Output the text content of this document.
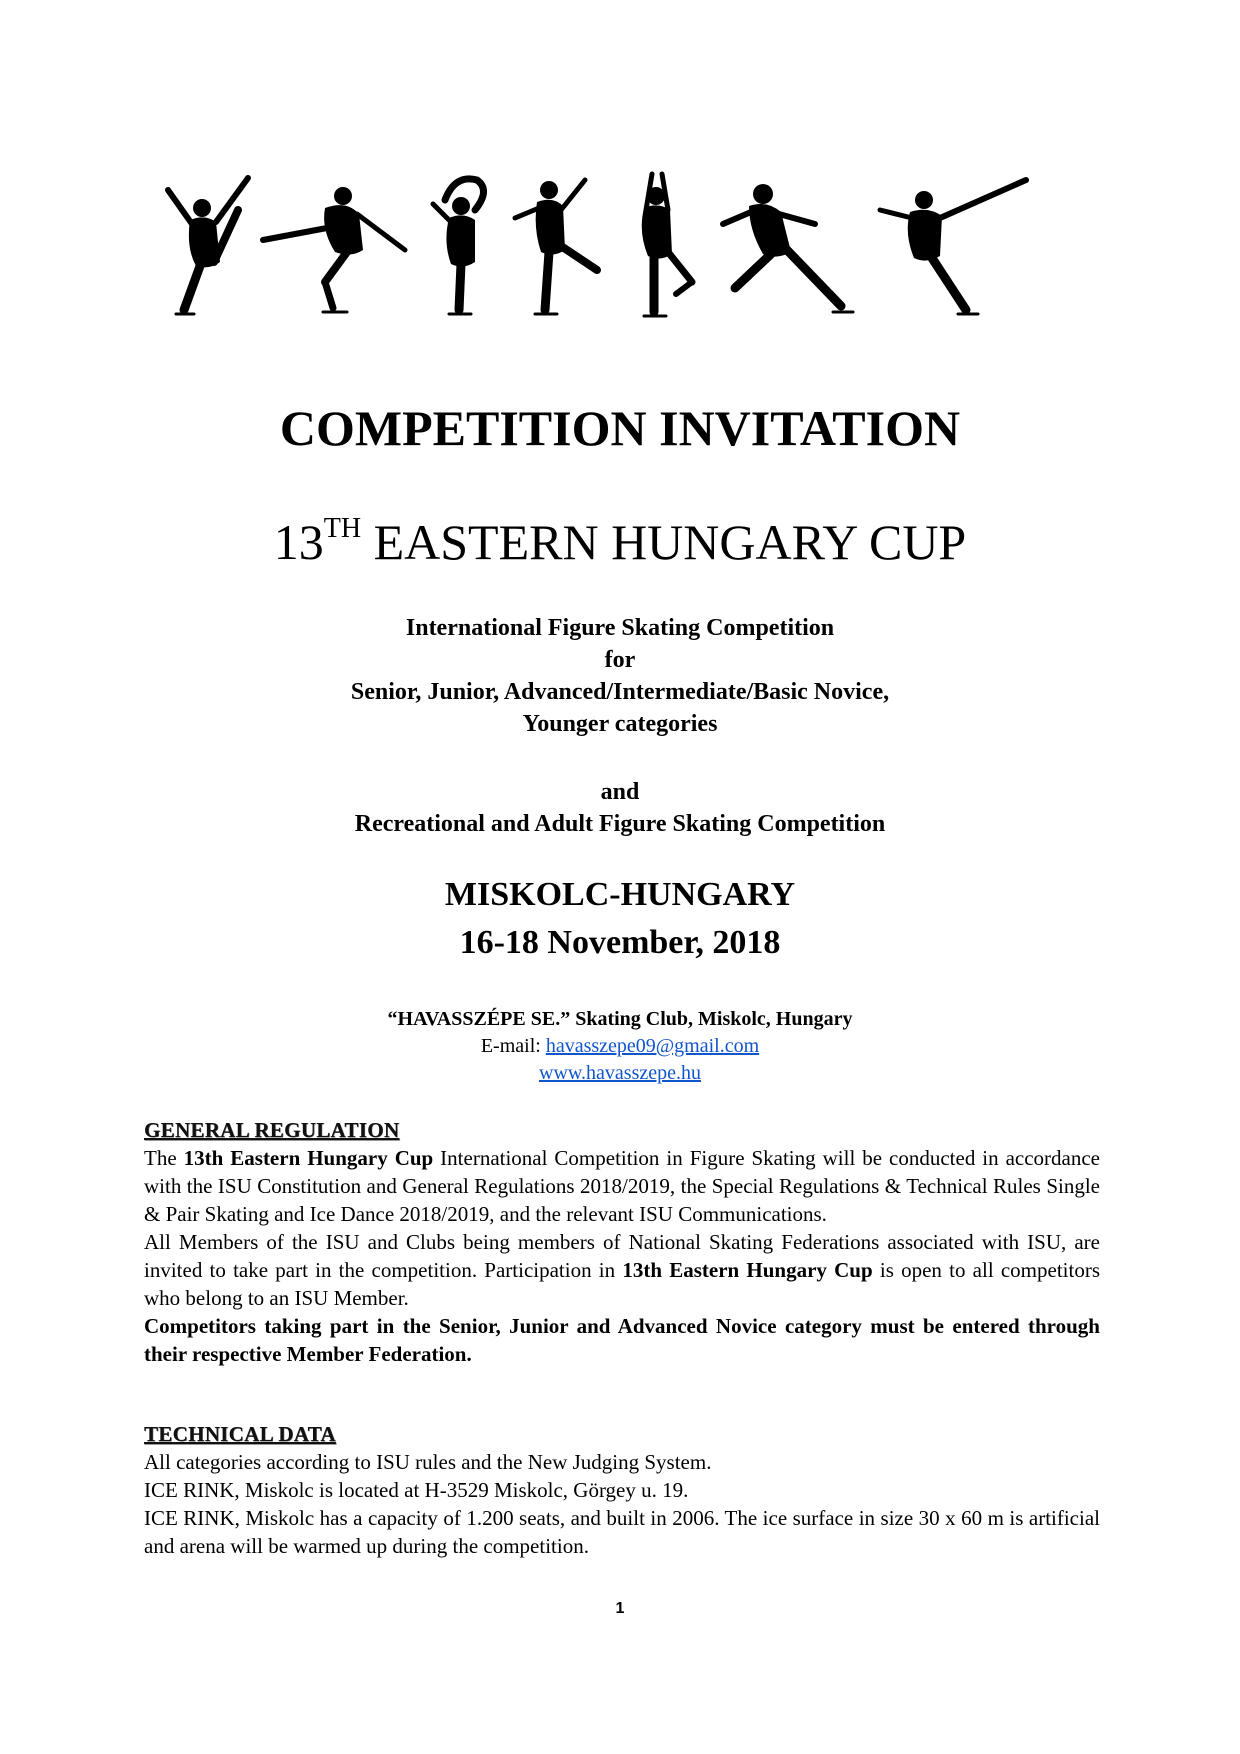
COMPETITION INVITATION
13TH EASTERN HUNGARY CUP
International Figure Skating Competition
for
Senior, Junior, Advanced/Intermediate/Basic Novice,
Younger categories
and
Recreational and Adult Figure Skating Competition
MISKOLC-HUNGARY
16-18 November, 2018
“HAVASSZÉPE SE.” Skating Club, Miskolc, Hungary
E-mail: havasszepe09@gmail.com
www.havasszepe.hu
GENERAL REGULATION

The 13th Eastern Hungary Cup International Competition in Figure Skating will be conducted in accordance with the ISU Constitution and General Regulations 2018/2019, the Special Regulations & Technical Rules Single & Pair Skating and Ice Dance 2018/2019, and the relevant ISU Communications.

All Members of the ISU and Clubs being members of National Skating Federations associated with ISU, are invited to take part in the competition. Participation in 13th Eastern Hungary Cup is open to all competitors who belong to an ISU Member.

Competitors taking part in the Senior, Junior and Advanced Novice category must be entered through their respective Member Federation.

TECHNICAL DATA

All categories according to ISU rules and the New Judging System.

ICE RINK, Miskolc is located at H-3529 Miskolc, Görgey u. 19.

ICE RINK, Miskolc has a capacity of 1.200 seats, and built in 2006. The ice surface in size 30 x 60 m is artificial and arena will be warmed up during the competition.

1
